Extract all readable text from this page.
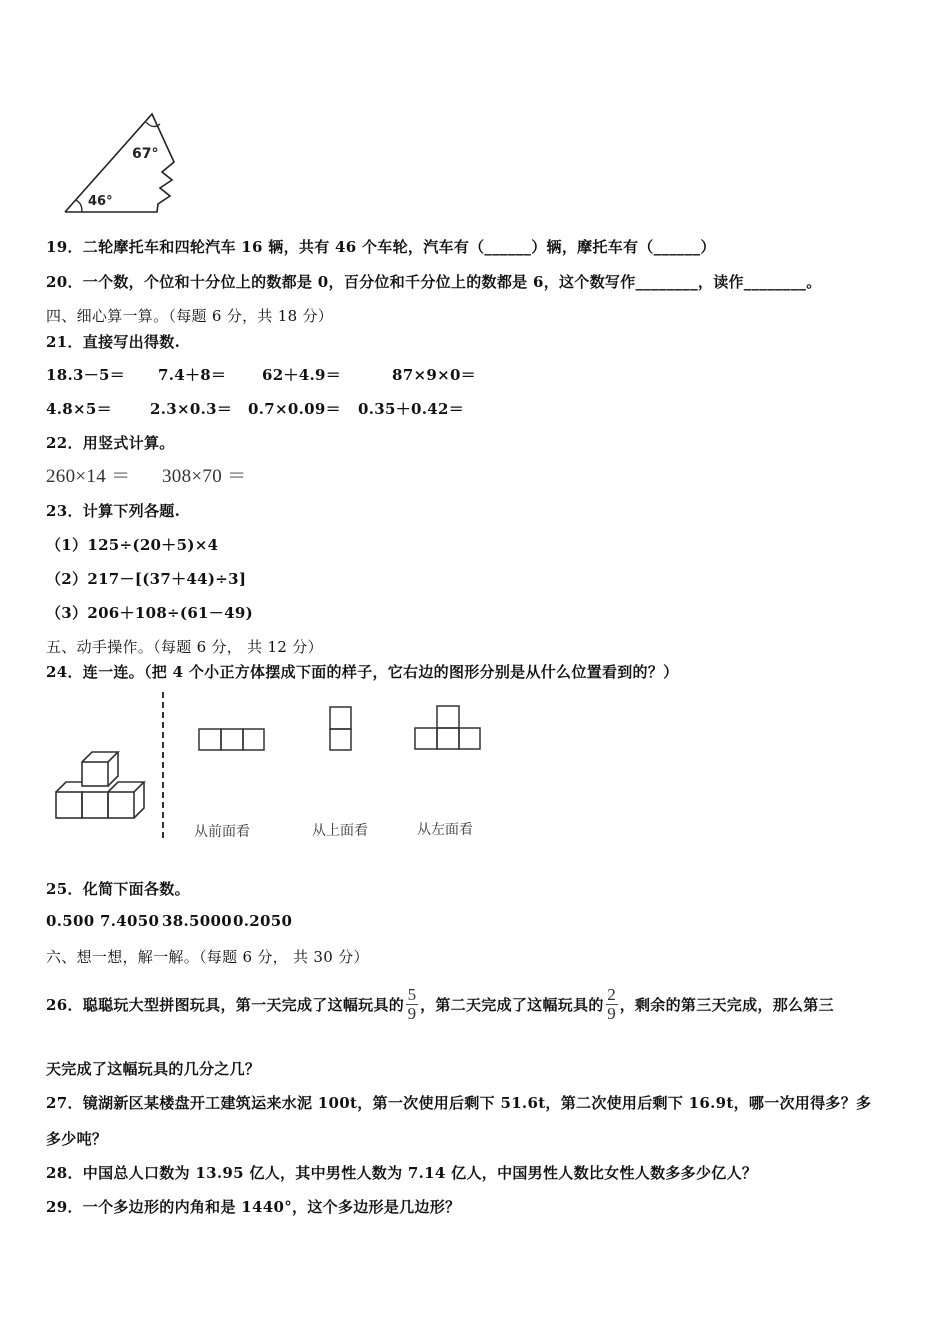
67°
46°
19．二轮摩托车和四轮汽车 16 辆，共有 46 个车轮，汽车有（______）辆，摩托车有（______）
20．一个数，个位和十分位上的数都是 0，百分位和千分位上的数都是 6，这个数写作________，读作________。
四、细心算一算。（每题 6 分，共 18 分）
21．直接写出得数.
18.3－5＝ 7.4＋8＝ 62＋4.9＝	87×9×0＝
4.8×5＝	2.3×0.3＝ 0.7×0.09＝ 0.35＋0.42＝
22．用竖式计算。
260×14 ＝ 308×70 ＝
23．计算下列各题.
（1）125÷(20＋5)×4
（2）217－[(37＋44)÷3]
（3）206＋108÷(61－49)
五、动手操作。（每题 6 分， 共 12 分）
24．连一连。（把 4 个小正方体摆成下面的样子，它右边的图形分别是从什么位置看到的？）
从前面看	从上面看	从左面看
25．化简下面各数。
0.500 7.4050 38.50000.2050
六、想一想，解一解。（每题 6 分， 共 30 分）
26．聪聪玩大型拼图玩具，第一天完成了这幅玩具的 $\frac{5}{9}$ ，第二天完成了这幅玩具的 $\frac{2}{9}$ ，剩余的第三天完成，那么第三
天完成了这幅玩具的几分之几？
27．镜湖新区某楼盘开工建筑运来水泥 100t，第一次使用后剩下 51.6t，第二次使用后剩下 16.9t，哪一次用得多？多
多少吨？
28．中国总人口数为 13.95 亿人，其中男性人数为 7.14 亿人，中国男性人数比女性人数多多少亿人？
29．一个多边形的内角和是 1440°，这个多边形是几边形？
